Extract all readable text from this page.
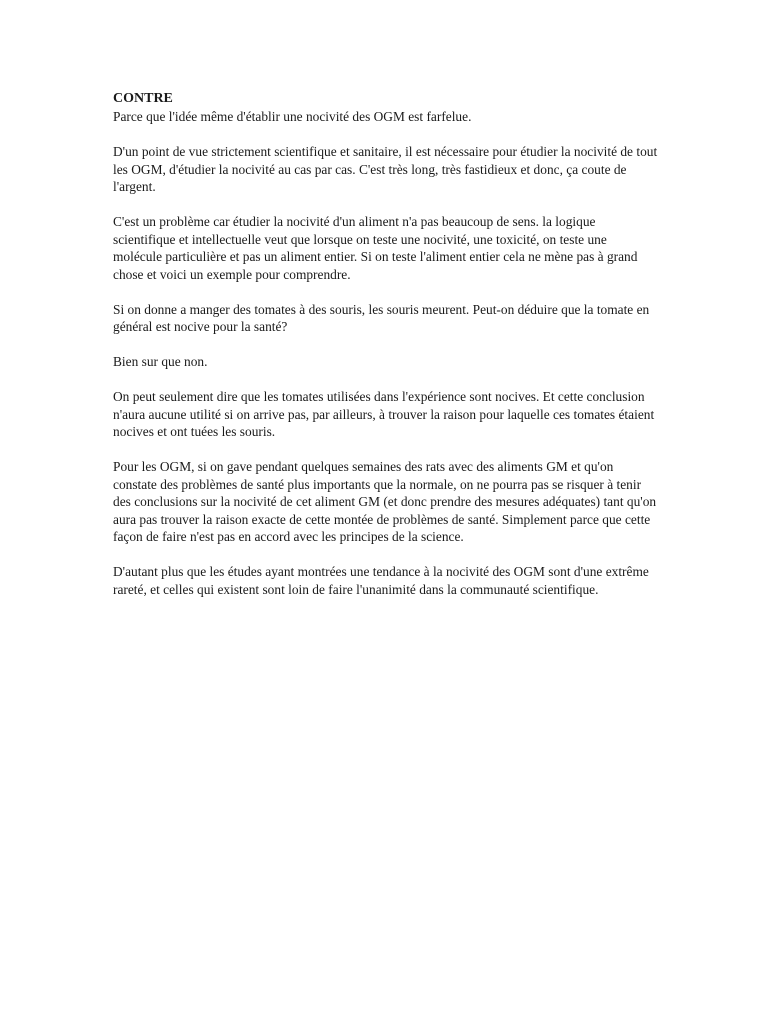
CONTRE

Parce que l'idée même d'établir une nocivité des OGM est farfelue.

D'un point de vue strictement scientifique et sanitaire, il est nécessaire pour étudier la nocivité de tout les OGM, d'étudier la nocivité au cas par cas. C'est très long, très fastidieux et donc, ça coute de l'argent.

C'est un problème car étudier la nocivité d'un aliment n'a pas beaucoup de sens. la logique scientifique et intellectuelle veut que lorsque on teste une nocivité, une toxicité, on teste une molécule particulière et pas un aliment entier. Si on teste l'aliment entier cela ne mène pas à grand chose et voici un exemple pour comprendre.

Si on donne a manger des tomates à des souris, les souris meurent. Peut-on déduire que la tomate en général est nocive pour la santé?

Bien sur que non.

On peut seulement dire que les tomates utilisées dans l'expérience sont nocives. Et cette conclusion n'aura aucune utilité si on arrive pas, par ailleurs, à trouver la raison pour laquelle ces tomates étaient nocives et ont tuées les souris.

Pour les OGM, si on gave pendant quelques semaines des rats avec des aliments GM et qu'on constate des problèmes de santé plus importants que la normale, on ne pourra pas se risquer à tenir des conclusions sur la nocivité de cet aliment GM (et donc prendre des mesures adéquates) tant qu'on aura pas trouver la raison exacte de cette montée de problèmes de santé. Simplement parce que cette façon de faire n'est pas en accord avec les principes de la science.

D'autant plus que les études ayant montrées une tendance à la nocivité des OGM sont d'une extrême rareté, et celles qui existent sont loin de faire l'unanimité dans la communauté scientifique.
